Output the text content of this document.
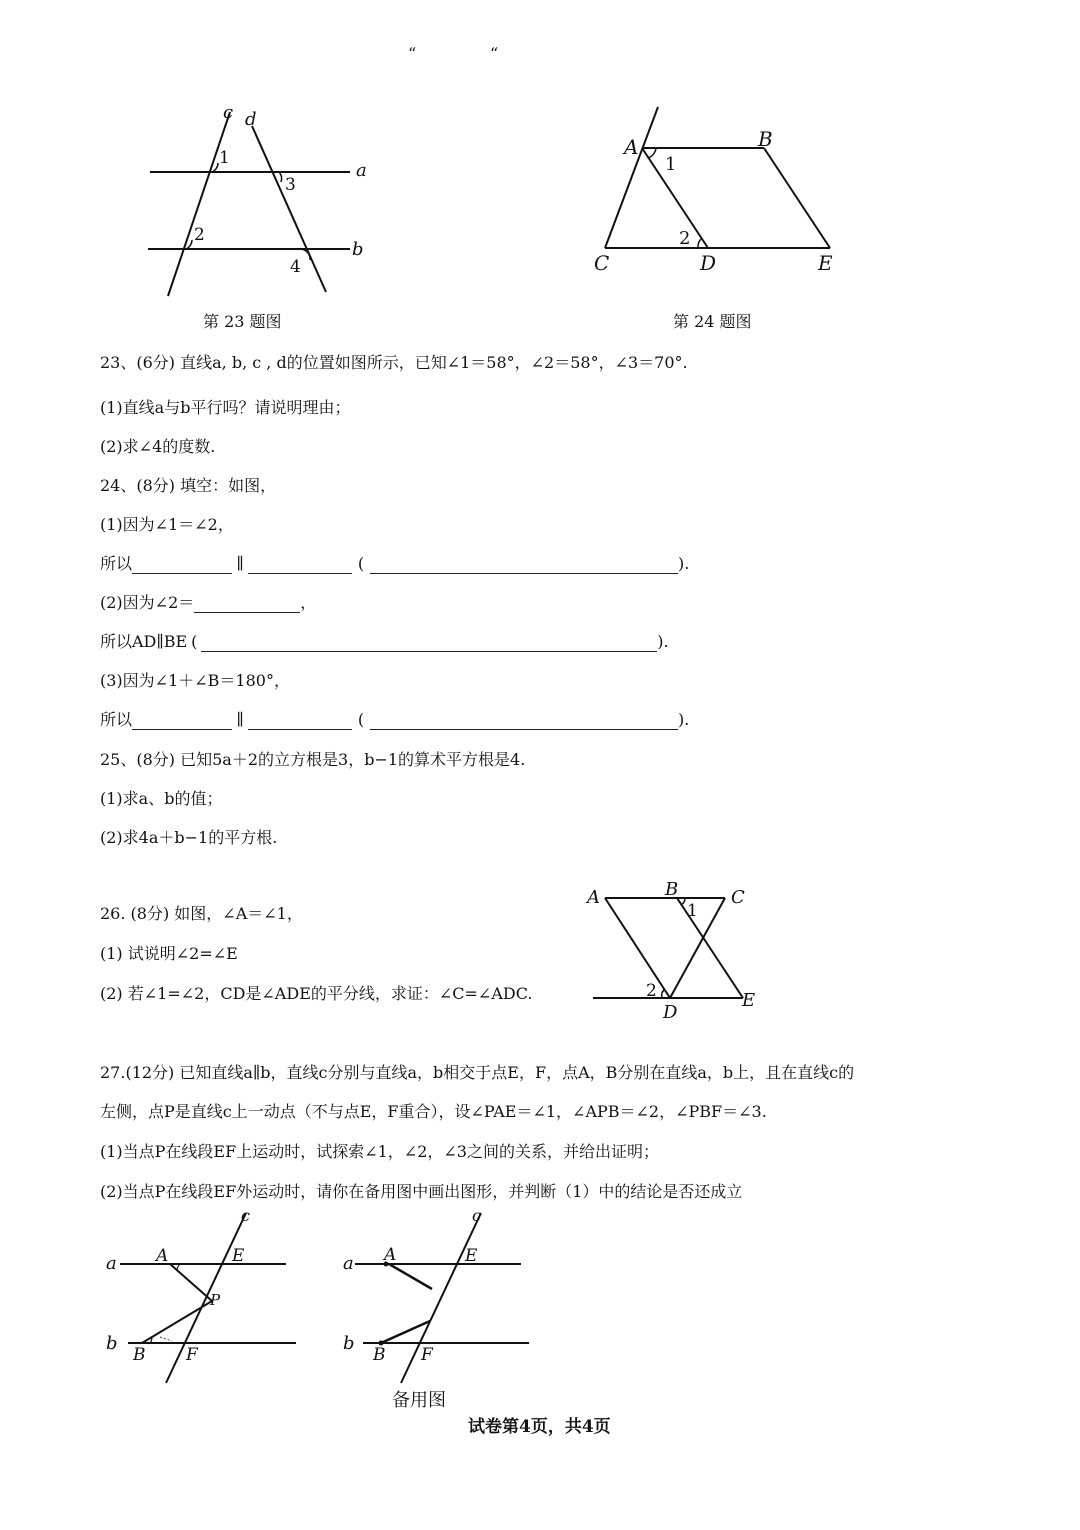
“	“
c d
a
b
1
2
3
4
第 23 题图
A	B
C	D	E
1
2
第 24 题图
23、(6分) 直线a, b, c , d的位置如图所示，已知∠1＝58°，∠2＝58°，∠3＝70°.
(1)直线a与b平行吗？请说明理由；
(2)求∠4的度数.
24、(8分) 填空：如图，
(1)因为∠1＝∠2，
所以	∥	(	).
(2)因为∠2＝	，
所以AD∥BE (	).
(3)因为∠1＋∠B＝180°，
所以	∥	(	).
25、(8分) 已知5a＋2的立方根是3，b−1的算术平方根是4.
(1)求a、b的值；
(2)求4a＋b−1的平方根.
26. (8分) 如图，∠A＝∠1，
(1) 试说明∠2=∠E
(2) 若∠1=∠2，CD是∠ADE的平分线，求证：∠C=∠ADC.
A	B	C
D
E
1
2
27.(12分) 已知直线a∥b，直线c分别与直线a，b相交于点E，F，点A，B分别在直线a，b上，且在直线c的
左侧，点P是直线c上一动点（不与点E，F重合），设∠PAE＝∠1，∠APB＝∠2，∠PBF＝∠3.
(1)当点P在线段EF上运动时，试探索∠1，∠2，∠3之间的关系，并给出证明；
(2)当点P在线段EF外运动时，请你在备用图中画出图形，并判断（1）中的结论是否还成立
c
a
b
A	E
B F
P
c
a
b
A	E
B F
备用图
试卷第4页，共4页
